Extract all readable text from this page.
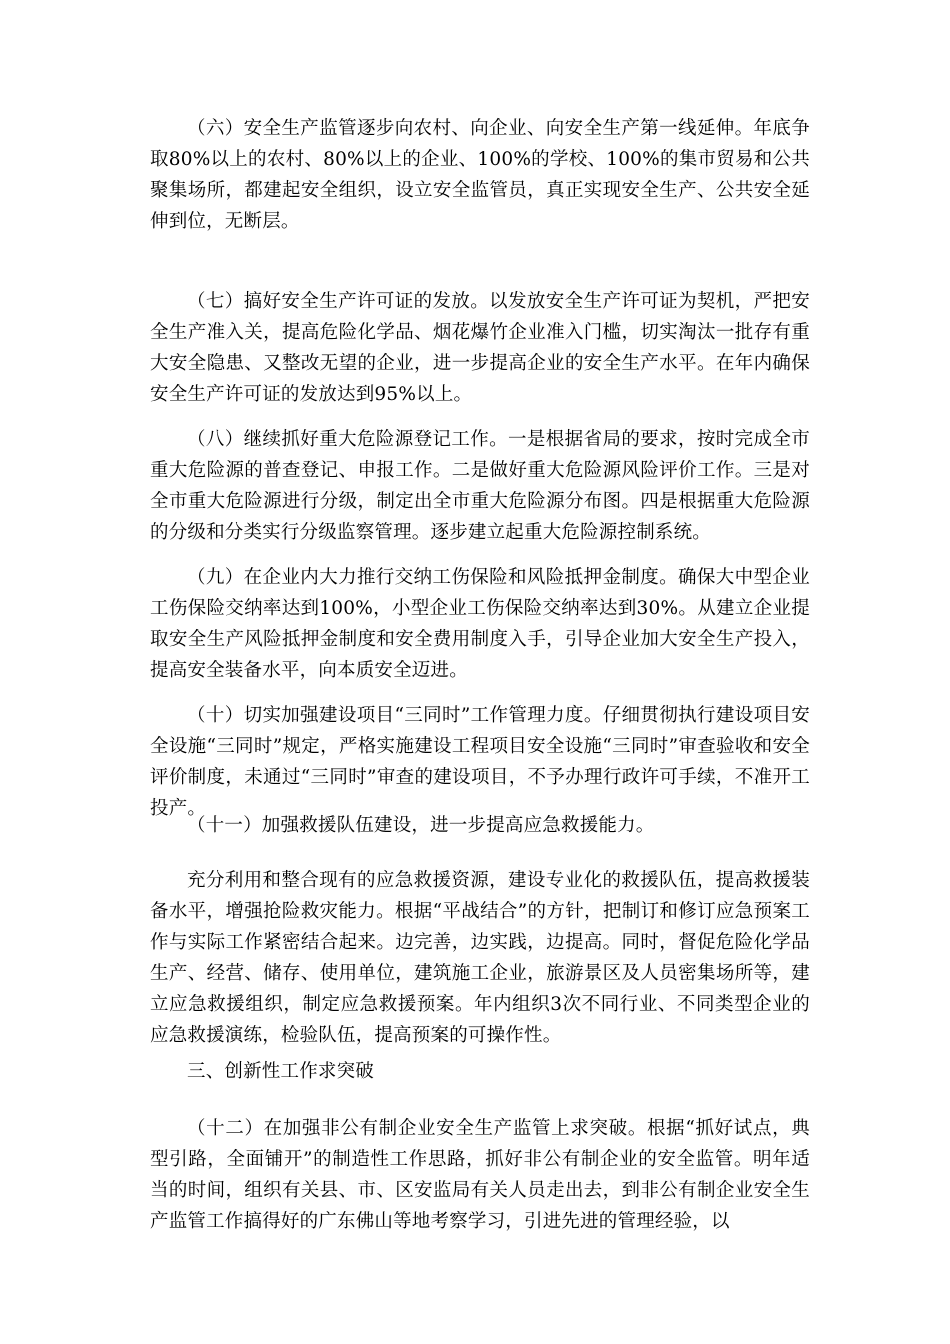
（六）安全生产监管逐步向农村、向企业、向安全生产第一线延伸。年底争取80%以上的农村、80%以上的企业、100%的学校、100%的集市贸易和公共聚集场所，都建起安全组织，设立安全监管员，真正实现安全生产、公共安全延伸到位，无断层。

（七）搞好安全生产许可证的发放。以发放安全生产许可证为契机，严把安全生产准入关，提高危险化学品、烟花爆竹企业准入门槛，切实淘汰一批存有重大安全隐患、又整改无望的企业，进一步提高企业的安全生产水平。在年内确保安全生产许可证的发放达到95%以上。

（八）继续抓好重大危险源登记工作。一是根据省局的要求，按时完成全市重大危险源的普查登记、申报工作。二是做好重大危险源风险评价工作。三是对全市重大危险源进行分级，制定出全市重大危险源分布图。四是根据重大危险源的分级和分类实行分级监察管理。逐步建立起重大危险源控制系统。

（九）在企业内大力推行交纳工伤保险和风险抵押金制度。确保大中型企业工伤保险交纳率达到100%，小型企业工伤保险交纳率达到30%。从建立企业提取安全生产风险抵押金制度和安全费用制度入手，引导企业加大安全生产投入，提高安全装备水平，向本质安全迈进。

（十）切实加强建设项目“三同时”工作管理力度。仔细贯彻执行建设项目安全设施“三同时”规定，严格实施建设工程项目安全设施“三同时”审查验收和安全评价制度，未通过“三同时”审查的建设项目，不予办理行政许可手续，不准开工投产。

（十一）加强救援队伍建设，进一步提高应急救援能力。

充分利用和整合现有的应急救援资源，建设专业化的救援队伍，提高救援装备水平，增强抢险救灾能力。根据“平战结合”的方针，把制订和修订应急预案工作与实际工作紧密结合起来。边完善，边实践，边提高。同时，督促危险化学品生产、经营、储存、使用单位，建筑施工企业，旅游景区及人员密集场所等，建立应急救援组织，制定应急救援预案。年内组织3次不同行业、不同类型企业的应急救援演练，检验队伍，提高预案的可操作性。

三、创新性工作求突破

（十二）在加强非公有制企业安全生产监管上求突破。根据“抓好试点，典型引路，全面铺开”的制造性工作思路，抓好非公有制企业的安全监管。明年适当的时间，组织有关县、市、区安监局有关人员走出去，到非公有制企业安全生产监管工作搞得好的广东佛山等地考察学习，引进先进的管理经验，以
